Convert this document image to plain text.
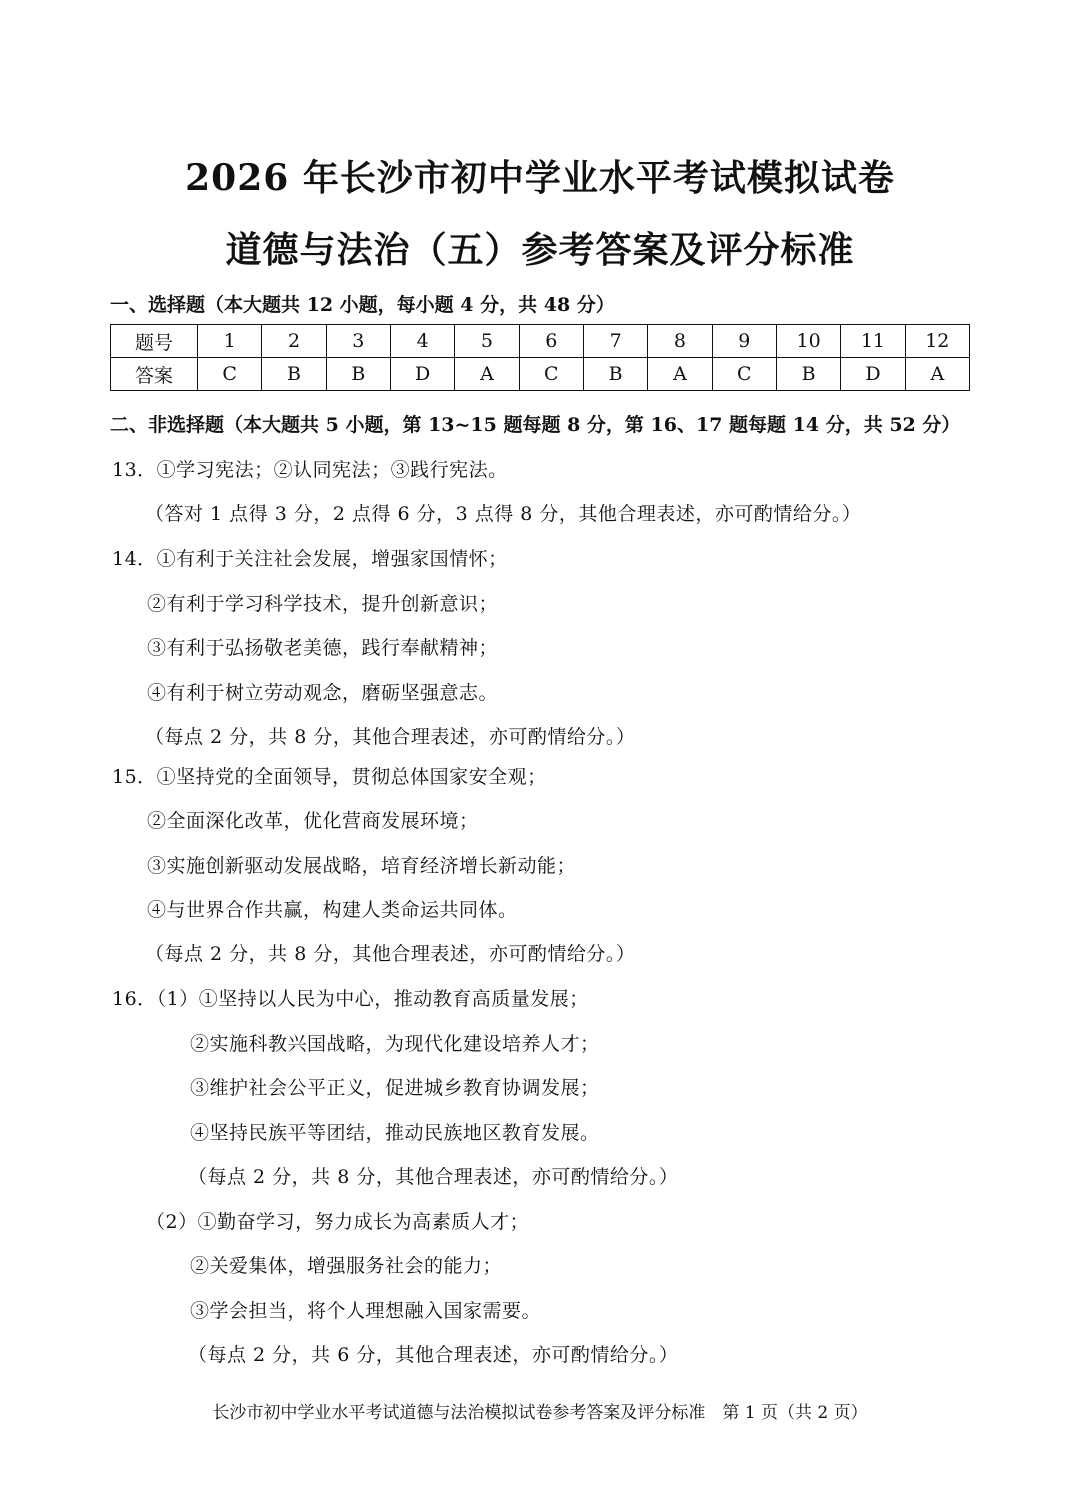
2026 年长沙市初中学业水平考试模拟试卷
道德与法治（五）参考答案及评分标准
一、选择题（本大题共 12 小题，每小题 4 分，共 48 分）
题号	1	2	3	4	5	6	7	8	9	10	11	12
答案	C	B	B	D	A	C	B	A	C	B	D	A
二、非选择题（本大题共 5 小题，第 13~15 题每题 8 分，第 16、17 题每题 14 分，共 52 分）
13．①学习宪法；②认同宪法；③践行宪法。
（答对 1 点得 3 分，2 点得 6 分，3 点得 8 分，其他合理表述，亦可酌情给分。）
14．①有利于关注社会发展，增强家国情怀；
②有利于学习科学技术，提升创新意识；
③有利于弘扬敬老美德，践行奉献精神；
④有利于树立劳动观念，磨砺坚强意志。
（每点 2 分，共 8 分，其他合理表述，亦可酌情给分。）
15．①坚持党的全面领导，贯彻总体国家安全观；
②全面深化改革，优化营商发展环境；
③实施创新驱动发展战略，培育经济增长新动能；
④与世界合作共赢，构建人类命运共同体。
（每点 2 分，共 8 分，其他合理表述，亦可酌情给分。）
16．（1）①坚持以人民为中心，推动教育高质量发展；
②实施科教兴国战略，为现代化建设培养人才；
③维护社会公平正义，促进城乡教育协调发展；
④坚持民族平等团结，推动民族地区教育发展。
（每点 2 分，共 8 分，其他合理表述，亦可酌情给分。）
（2）①勤奋学习，努力成长为高素质人才；
②关爱集体，增强服务社会的能力；
③学会担当，将个人理想融入国家需要。
（每点 2 分，共 6 分，其他合理表述，亦可酌情给分。）
长沙市初中学业水平考试道德与法治模拟试卷参考答案及评分标准　第 1 页（共 2 页）
